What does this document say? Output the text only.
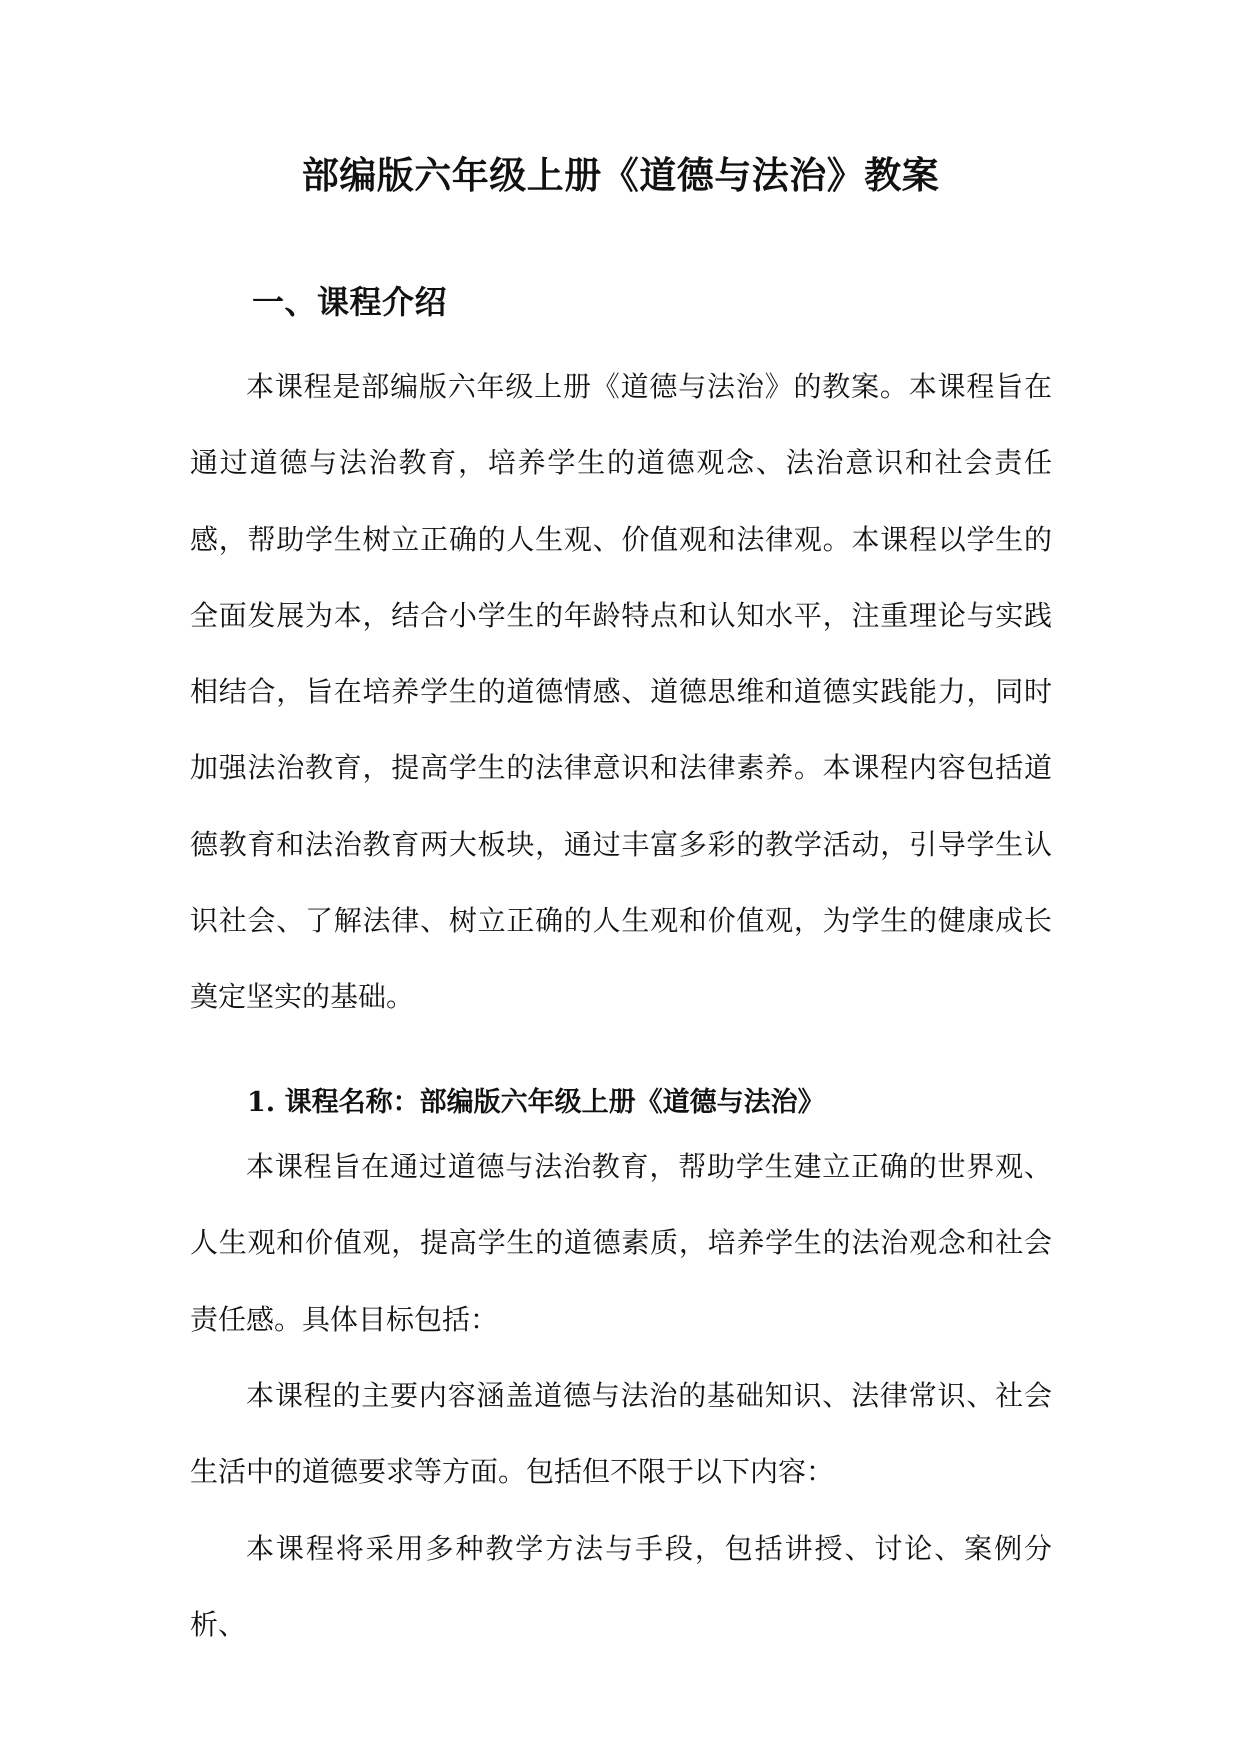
部编版六年级上册《道德与法治》教案
一、课程介绍

本课程是部编版六年级上册《道德与法治》的教案。本课程旨在通过道德与法治教育，培养学生的道德观念、法治意识和社会责任感，帮助学生树立正确的人生观、价值观和法律观。本课程以学生的全面发展为本，结合小学生的年龄特点和认知水平，注重理论与实践相结合，旨在培养学生的道德情感、道德思维和道德实践能力，同时加强法治教育，提高学生的法律意识和法律素养。本课程内容包括道德教育和法治教育两大板块，通过丰富多彩的教学活动，引导学生认识社会、了解法律、树立正确的人生观和价值观，为学生的健康成长奠定坚实的基础。

1. 课程名称：部编版六年级上册《道德与法治》

本课程旨在通过道德与法治教育，帮助学生建立正确的世界观、人生观和价值观，提高学生的道德素质，培养学生的法治观念和社会责任感。具体目标包括：

本课程的主要内容涵盖道德与法治的基础知识、法律常识、社会生活中的道德要求等方面。包括但不限于以下内容：

本课程将采用多种教学方法与手段，包括讲授、讨论、案例分析、
